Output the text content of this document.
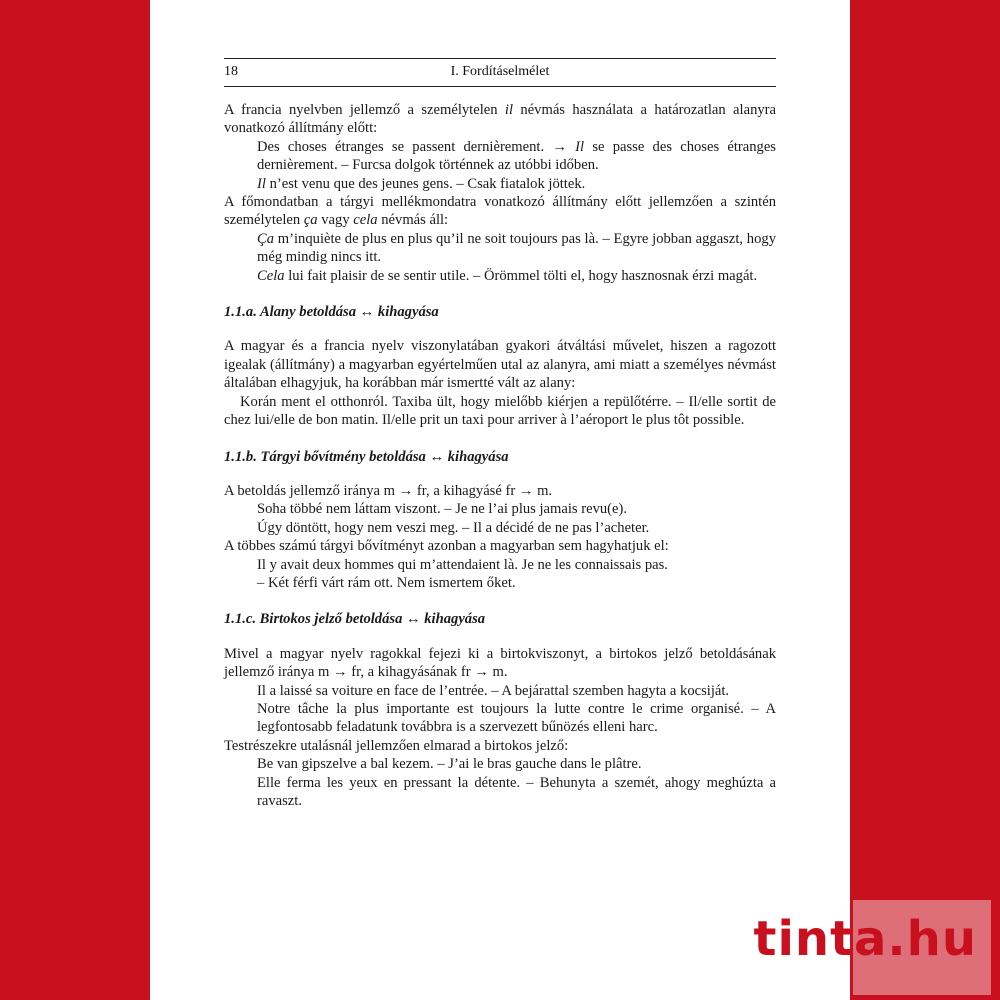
18	I. Fordításelmélet

A francia nyelvben jellemző a személytelen il névmás használata a határozatlan alanyra vonatkozó állítmány előtt:

Des choses étranges se passent dernièrement. → Il se passe des choses étranges dernièrement. – Furcsa dolgok történnek az utóbbi időben.

Il n’est venu que des jeunes gens. – Csak fiatalok jöttek.

A főmondatban a tárgyi mellékmondatra vonatkozó állítmány előtt jellemzően a szintén személytelen ça vagy cela névmás áll:

Ça m’inquiète de plus en plus qu’il ne soit toujours pas là. – Egyre jobban aggaszt, hogy még mindig nincs itt.

Cela lui fait plaisir de se sentir utile. – Örömmel tölti el, hogy hasznosnak érzi magát.

1.1.a. Alany betoldása ↔ kihagyása

A magyar és a francia nyelv viszonylatában gyakori átváltási művelet, hiszen a ragozott igealak (állítmány) a magyarban egyértelműen utal az alanyra, ami miatt a személyes névmást általában elhagyjuk, ha korábban már ismertté vált az alany:

Korán ment el otthonról. Taxiba ült, hogy mielőbb kiérjen a repülőtérre. – Il/elle sortit de chez lui/elle de bon matin. Il/elle prit un taxi pour arriver à l’aéroport le plus tôt possible.

1.1.b. Tárgyi bővítmény betoldása ↔ kihagyása

A betoldás jellemző iránya m → fr, a kihagyásé fr → m.

Soha többé nem láttam viszont. – Je ne l’ai plus jamais revu(e).

Úgy döntött, hogy nem veszi meg. – Il a décidé de ne pas l’acheter.

A többes számú tárgyi bővítményt azonban a magyarban sem hagyhatjuk el:

Il y avait deux hommes qui m’attendaient là. Je ne les connaissais pas.

– Két férfi várt rám ott. Nem ismertem őket.

1.1.c. Birtokos jelző betoldása ↔ kihagyása

Mivel a magyar nyelv ragokkal fejezi ki a birtokviszonyt, a birtokos jelző betoldásának jellemző iránya m → fr, a kihagyásának fr → m.

Il a laissé sa voiture en face de l’entrée. – A bejárattal szemben hagyta a kocsiját.

Notre tâche la plus importante est toujours la lutte contre le crime organisé. – A legfontosabb feladatunk továbbra is a szervezett bűnözés elleni harc.

Testrészekre utalásnál jellemzően elmarad a birtokos jelző:

Be van gipszelve a bal kezem. – J’ai le bras gauche dans le plâtre.

Elle ferma les yeux en pressant la détente. – Behunyta a szemét, ahogy meghúzta a ravaszt.

tinta.hu
